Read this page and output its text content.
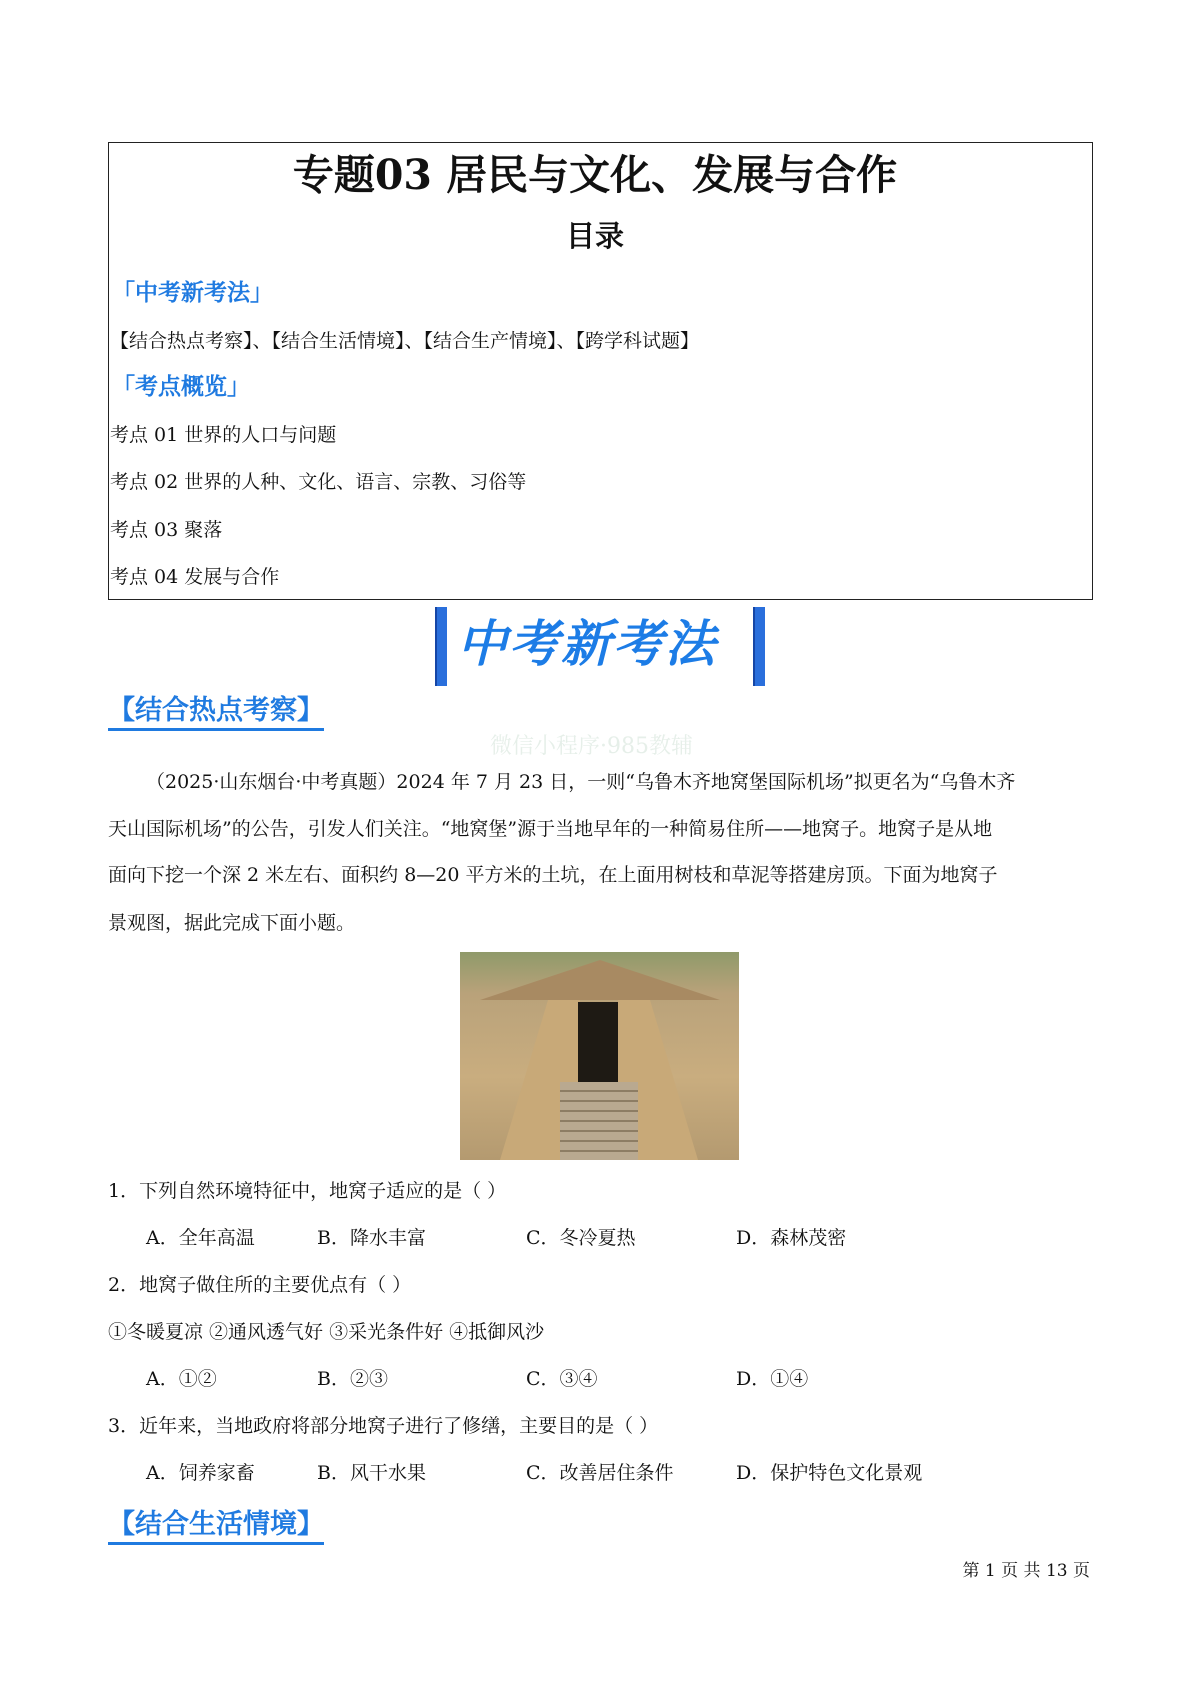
专题03 居民与文化、发展与合作
目录
「中考新考法」
【结合热点考察】、【结合生活情境】、【结合生产情境】、【跨学科试题】
「考点概览」
考点 01 世界的人口与问题
考点 02 世界的人种、文化、语言、宗教、习俗等
考点 03 聚落
考点 04 发展与合作
中考新考法
微信小程序·985教辅
【结合热点考察】
（2025·山东烟台·中考真题）2024 年 7 月 23 日，一则“乌鲁木齐地窝堡国际机场”拟更名为“乌鲁木齐
天山国际机场”的公告，引发人们关注。“地窝堡”源于当地早年的一种简易住所——地窝子。地窝子是从地
面向下挖一个深 2 米左右、面积约 8—20 平方米的土坑，在上面用树枝和草泥等搭建房顶。下面为地窝子
景观图，据此完成下面小题。
1．下列自然环境特征中，地窝子适应的是（ ）
A．全年高温	B．降水丰富	C．冬冷夏热	D．森林茂密
2．地窝子做住所的主要优点有（ ）
①冬暖夏凉 ②通风透气好 ③采光条件好 ④抵御风沙
A．①②	B．②③	C．③④	D．①④
3．近年来，当地政府将部分地窝子进行了修缮，主要目的是（ ）
A．饲养家畜	B．风干水果	C．改善居住条件	D．保护特色文化景观
【结合生活情境】
第 1 页 共 13 页
